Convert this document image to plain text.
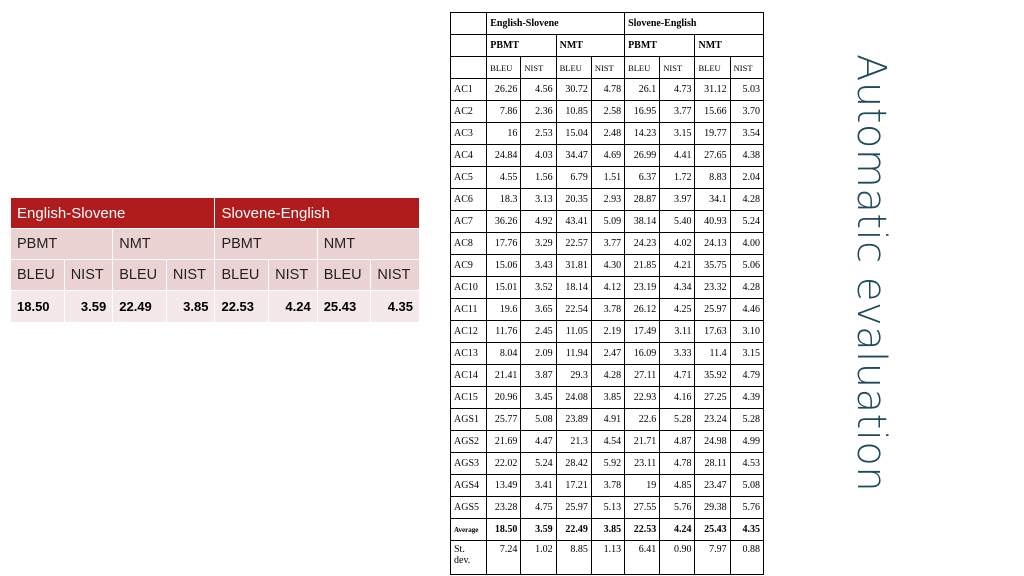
English-Slovene				Slovene-English			
PBMT		NMT		PBMT		NMT	
BLEU	NIST	BLEU	NIST	BLEU	NIST	BLEU	NIST
18.50	3.59	22.49	3.85	22.53	4.24	25.43	4.35
	English-Slovene				Slovene-English			
	PBMT		NMT		PBMT		NMT	
	BLEU	NIST	BLEU	NIST	BLEU	NIST	BLEU	NIST
AC1	26.26	4.56	30.72	4.78	26.1	4.73	31.12	5.03
AC2	7.86	2.36	10.85	2.58	16.95	3.77	15.66	3.70
AC3	16	2.53	15.04	2.48	14.23	3.15	19.77	3.54
AC4	24.84	4.03	34.47	4.69	26.99	4.41	27.65	4.38
AC5	4.55	1.56	6.79	1.51	6.37	1.72	8.83	2.04
AC6	18.3	3.13	20.35	2.93	28.87	3.97	34.1	4.28
AC7	36.26	4.92	43.41	5.09	38.14	5.40	40.93	5.24
AC8	17.76	3.29	22.57	3.77	24.23	4.02	24.13	4.00
AC9	15.06	3.43	31.81	4.30	21.85	4.21	35.75	5.06
AC10	15.01	3.52	18.14	4.12	23.19	4.34	23.32	4.28
AC11	19.6	3.65	22.54	3.78	26.12	4.25	25.97	4.46
AC12	11.76	2.45	11.05	2.19	17.49	3.11	17.63	3.10
AC13	8.04	2.09	11.94	2.47	16.09	3.33	11.4	3.15
AC14	21.41	3.87	29.3	4.28	27.11	4.71	35.92	4.79
AC15	20.96	3.45	24.08	3.85	22.93	4.16	27.25	4.39
AGS1	25.77	5.08	23.89	4.91	22.6	5.28	23.24	5.28
AGS2	21.69	4.47	21.3	4.54	21.71	4.87	24.98	4.99
AGS3	22.02	5.24	28.42	5.92	23.11	4.78	28.11	4.53
AGS4	13.49	3.41	17.21	3.78	19	4.85	23.47	5.08
AGS5	23.28	4.75	25.97	5.13	27.55	5.76	29.38	5.76
Average	18.50	3.59	22.49	3.85	22.53	4.24	25.43	4.35
St. dev.	7.24	1.02	8.85	1.13	6.41	0.90	7.97	0.88
Automatic evaluation
